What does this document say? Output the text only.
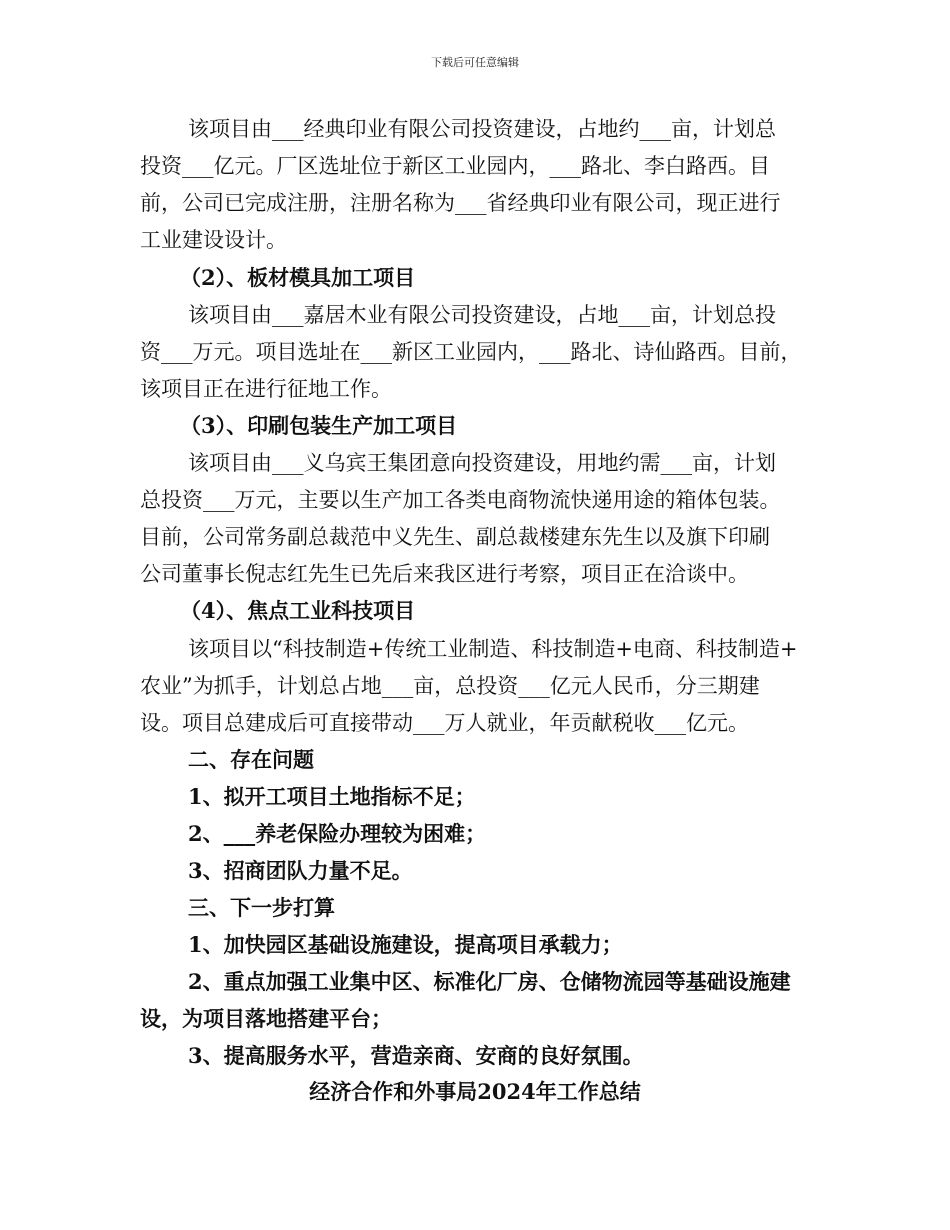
下载后可任意编辑
该项目由___经典印业有限公司投资建设，占地约___亩，计划总
投资___亿元。厂区选址位于新区工业园内，___路北、李白路西。目
前，公司已完成注册，注册名称为___省经典印业有限公司，现正进行
工业建设设计。
（2）、板材模具加工项目
该项目由___嘉居木业有限公司投资建设，占地___亩，计划总投
资___万元。项目选址在___新区工业园内，___路北、诗仙路西。目前，
该项目正在进行征地工作。
（3）、印刷包装生产加工项目
该项目由___义乌宾王集团意向投资建设，用地约需___亩，计划
总投资___万元，主要以生产加工各类电商物流快递用途的箱体包装。
目前，公司常务副总裁范中义先生、副总裁楼建东先生以及旗下印刷
公司董事长倪志红先生已先后来我区进行考察，项目正在洽谈中。
（4）、焦点工业科技项目
该项目以“科技制造+传统工业制造、科技制造+电商、科技制造+
农业”为抓手，计划总占地___亩，总投资___亿元人民币，分三期建
设。项目总建成后可直接带动___万人就业，年贡献税收___亿元。
二、存在问题
1、拟开工项目土地指标不足；
2、___养老保险办理较为困难；
3、招商团队力量不足。
三、下一步打算
1、加快园区基础设施建设，提高项目承载力；
2、重点加强工业集中区、标准化厂房、仓储物流园等基础设施建
设，为项目落地搭建平台；
3、提高服务水平，营造亲商、安商的良好氛围。
经济合作和外事局2024年工作总结
